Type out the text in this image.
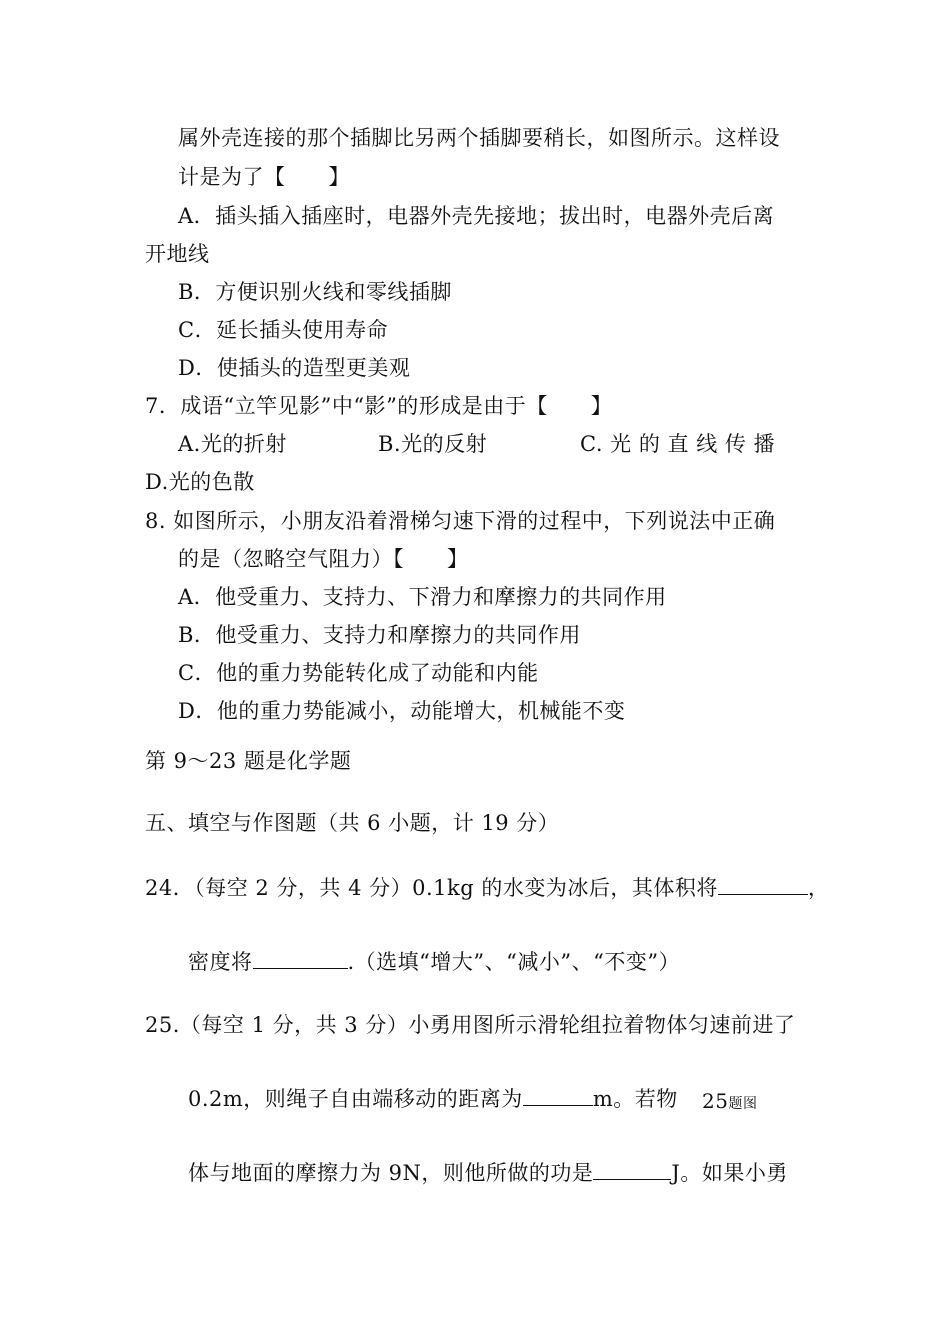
属外壳连接的那个插脚比另两个插脚要稍长，如图所示。这样设
计是为了【　　】
A．插头插入插座时，电器外壳先接地；拔出时，电器外壳后离
开地线
B．方便识别火线和零线插脚
C．延长插头使用寿命
D．使插头的造型更美观
7．成语“立竿见影”中“影”的形成是由于【　　】
A.光的折射	B.光的反射	C. 光 的 直 线 传 播
D.光的色散
8. 如图所示，小朋友沿着滑梯匀速下滑的过程中，下列说法中正确
的是（忽略空气阻力）【　　】
A．他受重力、支持力、下滑力和摩擦力的共同作用
B．他受重力、支持力和摩擦力的共同作用
C．他的重力势能转化成了动能和内能
D．他的重力势能减小，动能增大，机械能不变
第 9～23 题是化学题
五、填空与作图题（共 6 小题，计 19 分）
24．（每空 2 分，共 4 分）0.1kg 的水变为冰后，其体积将	，
密度将	.（选填“增大”、“减小”、“不变”）
25.（每空 1 分，共 3 分）小勇用图所示滑轮组拉着物体匀速前进了
0.2m，则绳子自由端移动的距离为	m。若物 25题图
体与地面的摩擦力为 9N，则他所做的功是	J。如果小勇
